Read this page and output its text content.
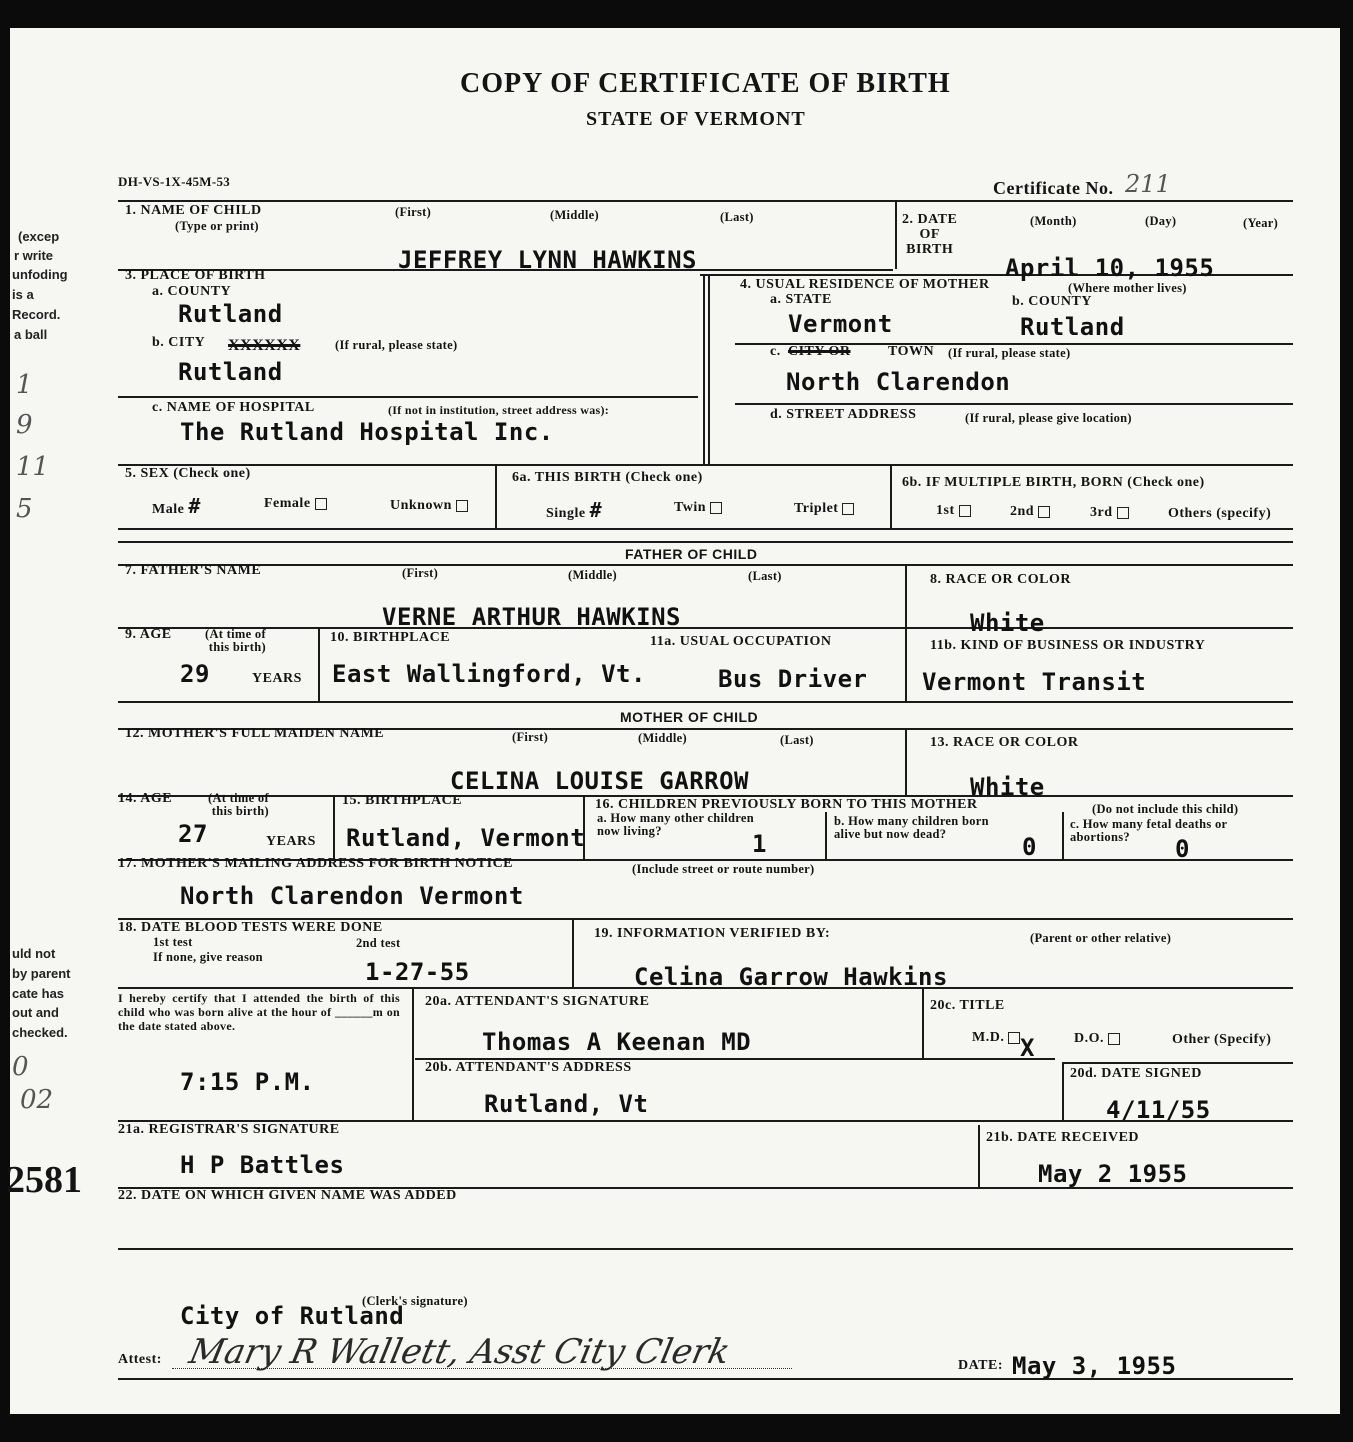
(excep
r write
unfoding
is a
Record.
a ball
1
9
11
5
uld not
by parent
cate has
out and
checked.
0
02
2581
COPY OF CERTIFICATE OF BIRTH
STATE OF VERMONT
DH-VS-1X-45M-53	Certificate No. 211
1. NAME OF CHILD
(Type or print)
(First)	(Middle)	(Last)
JEFFREY LYNN HAWKINS
2. DATE
OF
BIRTH
(Month)	(Day)	(Year)
April 10, 1955
3. PLACE OF BIRTH
a. COUNTY
Rutland
b. CITY XXXXXX	(If rural, please state)
Rutland
c. NAME OF HOSPITAL	(If not in institution, street address was):
The Rutland Hospital Inc.
4. USUAL RESIDENCE OF MOTHER	(Where mother lives)
a. STATE	b. COUNTY
Vermont	Rutland
c. CITY OR	TOWN (If rural, please state)
North Clarendon
d. STREET ADDRESS	(If rural, please give location)
5. SEX (Check one)
Male #	Female	Unknown
6a. THIS BIRTH (Check one)
Single #	Twin	Triplet
6b. IF MULTIPLE BIRTH, BORN (Check one)
1st	2nd	3rd	Others (specify)
FATHER OF CHILD
7. FATHER'S NAME	(First)	(Middle)	(Last)
VERNE ARTHUR HAWKINS
8. RACE OR COLOR
White
9. AGE	(At time of
this birth)
29	YEARS
10. BIRTHPLACE
East Wallingford, Vt.
11a. USUAL OCCUPATION
Bus Driver
11b. KIND OF BUSINESS OR INDUSTRY
Vermont Transit
MOTHER OF CHILD
12. MOTHER'S FULL MAIDEN NAME	(First)	(Middle)	(Last)
CELINA LOUISE GARROW
13. RACE OR COLOR
White
14. AGE	(At time of
this birth)
27	YEARS
15. BIRTHPLACE
Rutland, Vermont
16. CHILDREN PREVIOUSLY BORN TO THIS MOTHER	(Do not include this child)
a. How many other children
now living?	1
b. How many children born
alive but now dead?	0
c. How many fetal deaths or
abortions?	0
17. MOTHER'S MAILING ADDRESS FOR BIRTH NOTICE	(Include street or route number)
North Clarendon Vermont
18. DATE BLOOD TESTS WERE DONE
1st test	2nd test
If none, give reason
1-27-55
19. INFORMATION VERIFIED BY:	(Parent or other relative)
Celina Garrow Hawkins
I hereby certify that I attended the birth of this child who was born alive at the hour of ______m on the date stated above.
7:15 P.M.
20a. ATTENDANT'S SIGNATURE
Thomas A Keenan MD
20c. TITLE
M.D. X	D.O.	Other (Specify)
20b. ATTENDANT'S ADDRESS
Rutland, Vt
20d. DATE SIGNED
4/11/55
21a. REGISTRAR'S SIGNATURE
H P Battles
21b. DATE RECEIVED
May 2 1955
22. DATE ON WHICH GIVEN NAME WAS ADDED
(Clerk's signature)
City of Rutland
Attest: Mary R Wallett, Asst City Clerk	DATE: May 3, 1955
